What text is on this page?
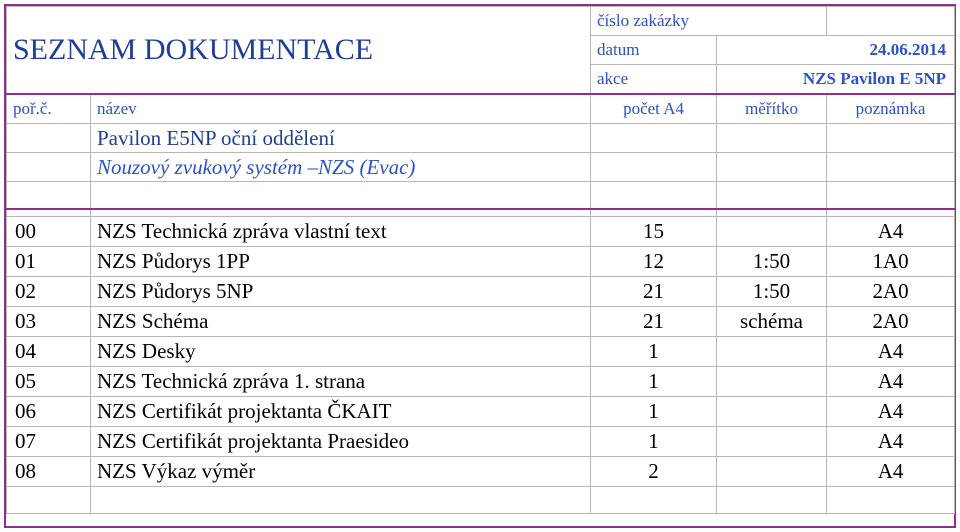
SEZNAM DOKUMENTACE		číslo zakázky		
		datum	24.06.2014	
		akce	NZS Pavilon E 5NP	
poř.č.	název	počet A4	měřítko	poznámka
	Pavilon E5NP oční oddělení			
	Nouzový zvukový systém –NZS (Evac)			

00	NZS Technická zpráva vlastní text	15		A4
01	NZS Půdorys 1PP	12	1:50	1A0
02	NZS Půdorys 5NP	21	1:50	2A0
03	NZS Schéma	21	schéma	2A0
04	NZS Desky	1		A4
05	NZS Technická zpráva 1. strana	1		A4
06	NZS Certifikát projektanta ČKAIT	1		A4
07	NZS Certifikát projektanta Praesideo	1		A4
08	NZS Výkaz výměr	2		A4
